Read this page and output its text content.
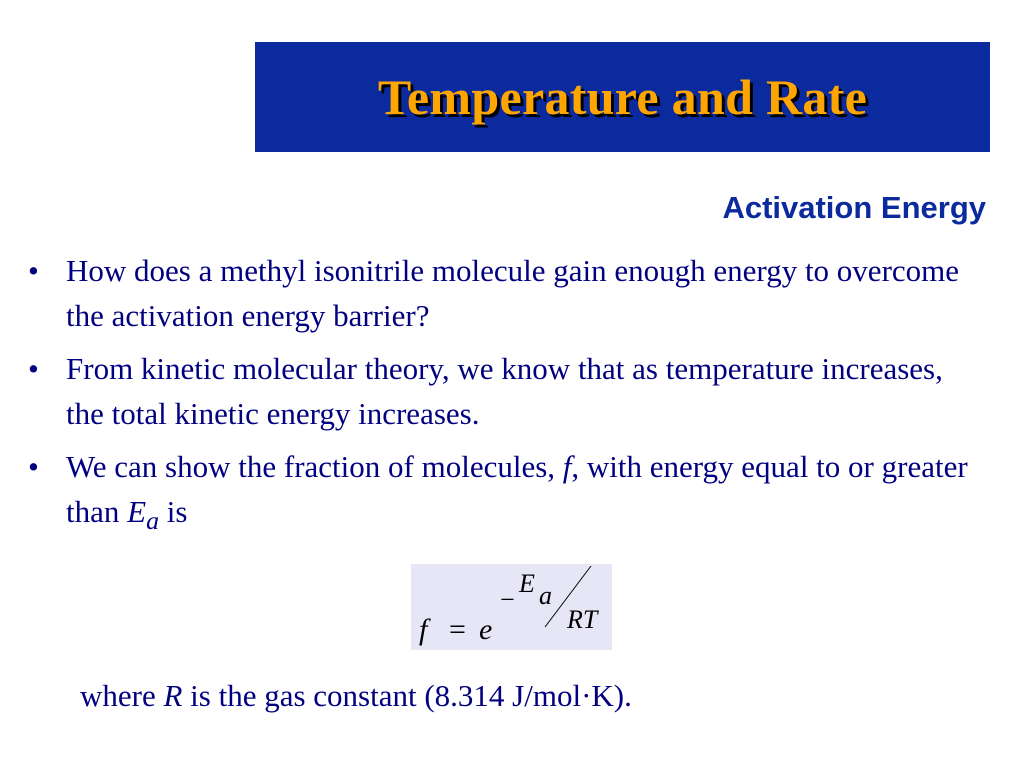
Temperature and Rate
Activation Energy
• How does a methyl isonitrile molecule gain enough energy to overcome the activation energy barrier?
• From kinetic molecular theory, we know that as temperature increases, the total kinetic energy increases.
• We can show the fraction of molecules, f, with energy equal to or greater than $E_a$ is
f = e
−
E a
RT
where R is the gas constant (8.314 J/mol·K).
